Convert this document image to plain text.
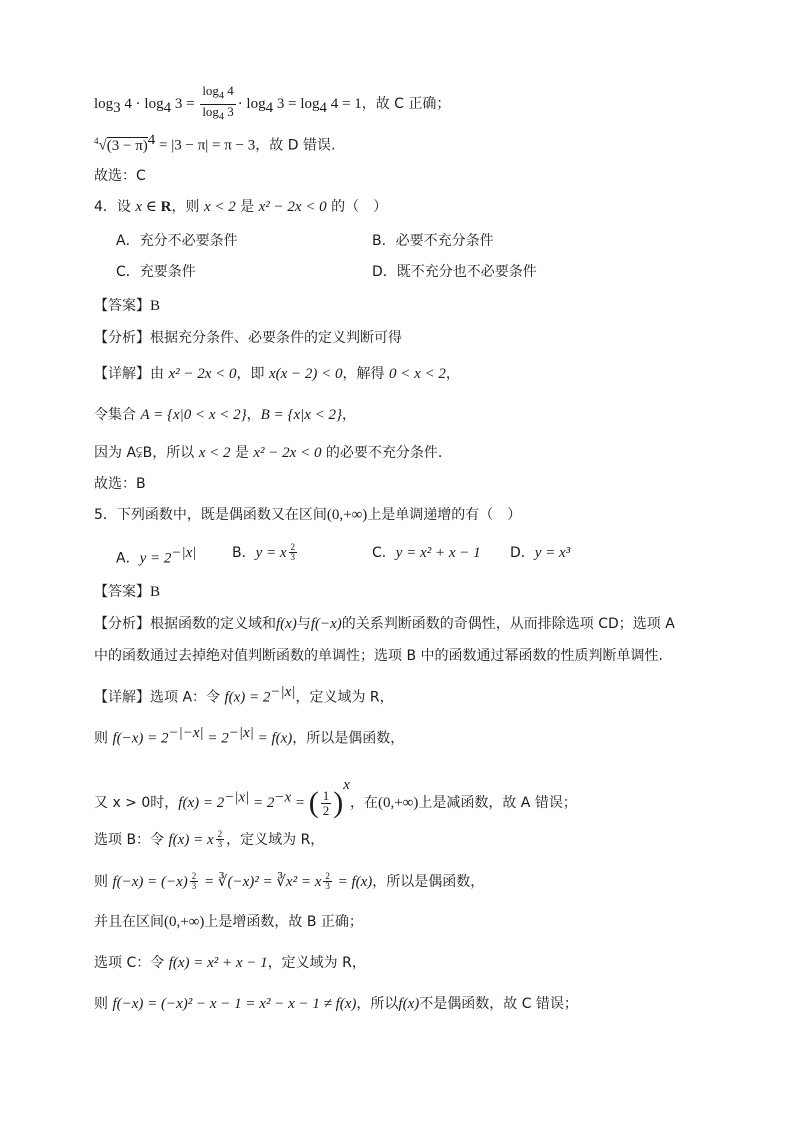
$\log_3 4 \cdot \log_4 3 = \frac{\log_4 4}{\log_4 3} \cdot \log_4 3 = \log_4 4 = 1$，故 C 正确；
$^4√(3 - \pi)^4 = |3 - \pi| = \pi - 3$，故 D 错误.
故选：C
4．设 x ∈ R，则 x < 2 是 x² − 2x < 0 的（　）
A．充分不必要条件	B．必要不充分条件
C．充要条件	D．既不充分也不必要条件
【答案】B
【分析】根据充分条件、必要条件的定义判断可得
【详解】由 x² − 2x < 0，即 x(x − 2) < 0，解得 0 < x < 2，
令集合 A = {x|0 < x < 2}，B = {x|x < 2}，
因为 A⫋B，所以 x < 2 是 x² − 2x < 0 的必要不充分条件.
故选：B
5．下列函数中，既是偶函数又在区间(0,+∞)上是单调递增的有（　）
A．$y = 2^{-|x|}$	B．y = x $\frac{2}{3}$	C．y = x² + x − 1 D．y = x³
【答案】B
【分析】根据函数的定义域和f(x)与f(−x)的关系判断函数的奇偶性，从而排除选项 CD；选项 A
中的函数通过去掉绝对值判断函数的单调性；选项 B 中的函数通过幂函数的性质判断单调性.
【详解】选项 A：令 $f(x) = 2^{-|x|}$，定义域为 R，
则 $f(-x) = 2^{-|-x|} = 2^{-|x|} = f(x)$，所以是偶函数，
又 x > 0时，$f(x) = 2^{-|x|} = 2^{-x}$ = ( $\frac{1}{2} )^x$，在(0,+∞)上是减函数，故 A 错误；
选项 B：令 f(x) = x $\frac{2}{3}$ ，定义域为 R，
则 $f(-x) = (-x) \frac{2}{3}$ = ∛(−x)² = ∛x² = x $\frac{2}{3} = f(x)$，所以是偶函数，
并且在区间(0,+∞)上是增函数，故 B 正确；
选项 C：令 f(x) = x² + x − 1，定义域为 R，
则 f(−x) = (−x)² − x − 1 = x² − x − 1 ≠ f(x)，所以f(x)不是偶函数，故 C 错误；
